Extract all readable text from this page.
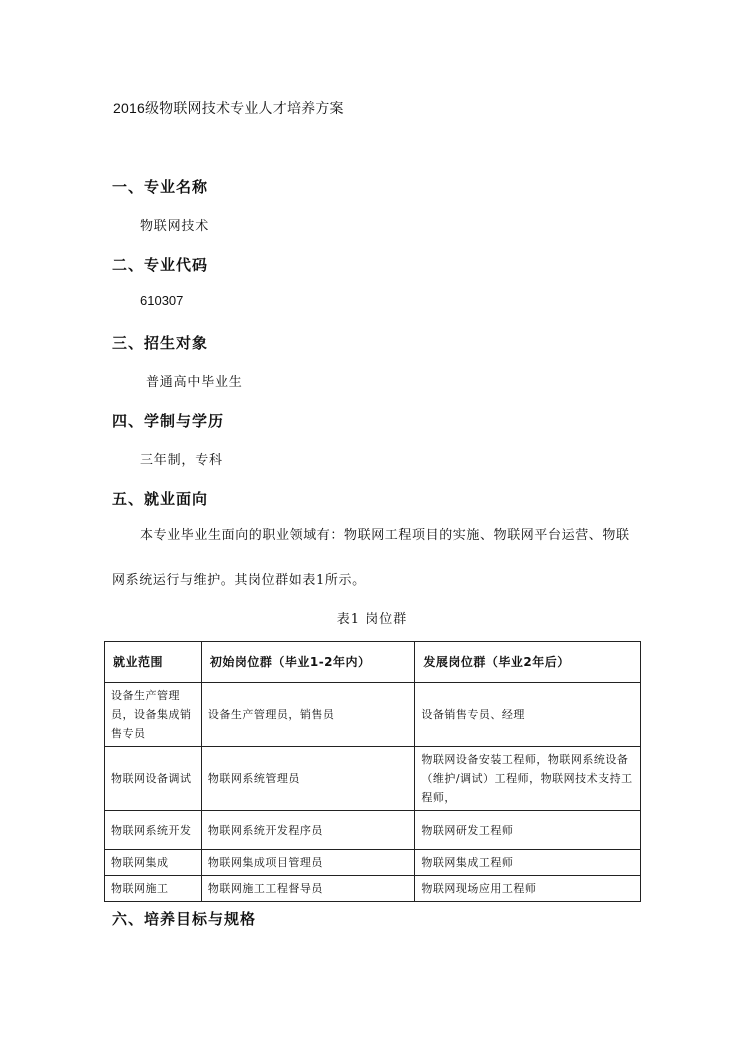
2016级物联网技术专业人才培养方案
一、专业名称
物联网技术
二、专业代码
610307
三、招生对象
普通高中毕业生
四、学制与学历
三年制，专科
五、就业面向

本专业毕业生面向的职业领域有：物联网工程项目的实施、物联网平台运营、物联网系统运行与维护。其岗位群如表1所示。

表1 岗位群
就业范围	初始岗位群（毕业1-2年内）	发展岗位群（毕业2年后）
设备生产管理员，设备集成销售专员	设备生产管理员，销售员	设备销售专员、经理
物联网设备调试	物联网系统管理员	物联网设备安装工程师，物联网系统设备（维护/调试）工程师，物联网技术支持工程师，
物联网系统开发	物联网系统开发程序员	物联网研发工程师
物联网集成	物联网集成项目管理员	物联网集成工程师
物联网施工	物联网施工工程督导员	物联网现场应用工程师
六、培养目标与规格
